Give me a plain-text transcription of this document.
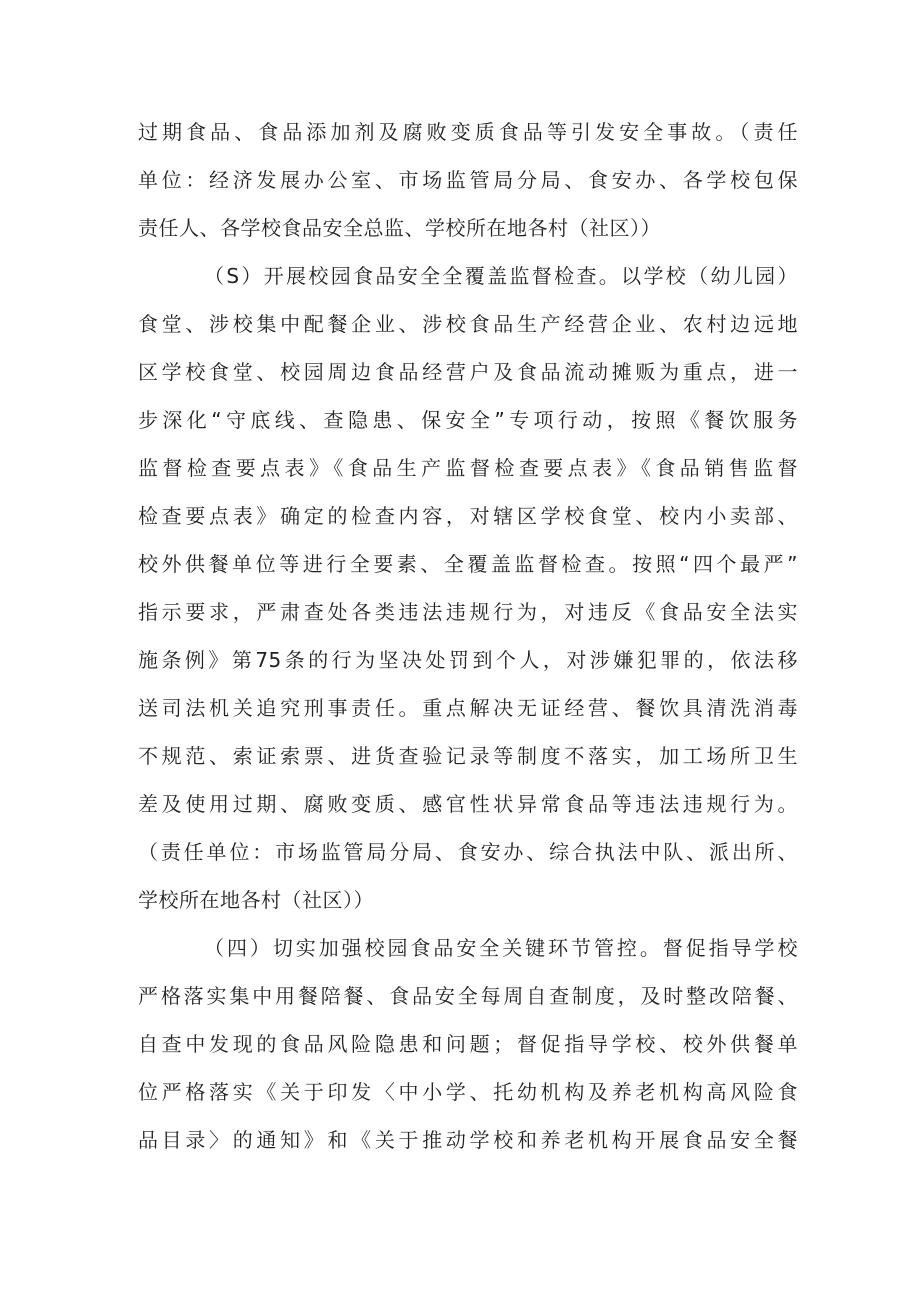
过期食品、食品添加剂及腐败变质食品等引发安全事故。（责任
单位：经济发展办公室、市场监管局分局、食安办、各学校包保
责任人、各学校食品安全总监、学校所在地各村（社区））
（S）开展校园食品安全全覆盖监督检查。以学校（幼儿园）
食堂、涉校集中配餐企业、涉校食品生产经营企业、农村边远地
区学校食堂、校园周边食品经营户及食品流动摊贩为重点，进一
步深化“守底线、查隐患、保安全”专项行动，按照《餐饮服务
监督检查要点表》《食品生产监督检查要点表》《食品销售监督
检查要点表》确定的检查内容，对辖区学校食堂、校内小卖部、
校外供餐单位等进行全要素、全覆盖监督检查。按照“四个最严”
指示要求，严肃查处各类违法违规行为，对违反《食品安全法实
施条例》第75条的行为坚决处罚到个人，对涉嫌犯罪的，依法移
送司法机关追究刑事责任。重点解决无证经营、餐饮具清洗消毒
不规范、索证索票、进货查验记录等制度不落实，加工场所卫生
差及使用过期、腐败变质、感官性状异常食品等违法违规行为。
（责任单位：市场监管局分局、食安办、综合执法中队、派出所、
学校所在地各村（社区））
（四）切实加强校园食品安全关键环节管控。督促指导学校
严格落实集中用餐陪餐、食品安全每周自查制度，及时整改陪餐、
自查中发现的食品风险隐患和问题；督促指导学校、校外供餐单
位严格落实《关于印发〈中小学、托幼机构及养老机构高风险食
品目录〉的通知》和《关于推动学校和养老机构开展食品安全餐
